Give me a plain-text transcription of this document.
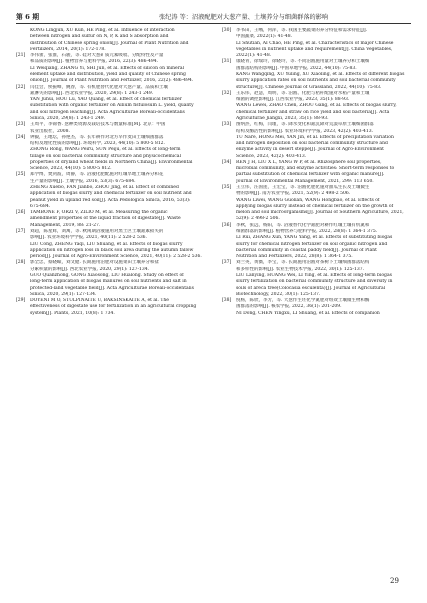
第 6 期	张纪涛 等：沼液配肥对大葱产量、土壤养分与细菌群落的影响
KONG Lingjun, XU Kun, HE Ping, et al. Influence of interaction
between nitrogen and sulfur on N, P, K and S absorption and
distribution of Chinese spring onion[J]. Journal of Plant Nutrition and
Fertilizers, 2014, 20(1): 172-178.
[21]	李伟蕾，张淮，石骏，等. 硅对大葱矿质元素吸收、分配特性及产量
和品质的影响[J]. 植物营养与肥料学报, 2016, 22(3): 486-494.
LI Weiqiang, ZHANG Yi, SHI Jun, et al. Effects of silicon on mineral
element uptake and distribution, yield and quality of Chinese spring
onion[J]. Journal of Plant Nutrition and Fertilizer, 2016, 22(2): 486-494.
[22]	闫佳会，侯振峰，姚春，等. 有机肥替代化肥对大葱产量、品质和土壤
氮淋失的影响[J]. 西北农业学报, 2020, 29(8): 1 243-1 249.
YAN Juhui, HOU Lu, YAO Quang, et al. Effect of chemical fertilizer
substitution with organic fertilizer on Allium fistulosum L. yield, quality
and soil nitrogen leaching[J]. Acta Agriculturae Boreali-occidentalis
Sinica, 2020, 29(8): 1 243-1 249.
[23]	王周平，李锦香. 葱种类资源及栽培技术与数量标准[M]. 北京：中国
农业出版社，2008.
[24]	钟毅，王地坛，孙艳杰，等. 长年耕作对北方早作麦田土壤细菌群落
结构及理化性质的影响[J]. 环境科学, 2023, 44(10): 5 800-5 812.
ZHONG Rong, WANG Peiru, SUN Peiju, et al. Effects of long-term
tillage on soil bacterial community structure and physicochemical
properties of dryland wheat fields in Northern China[J]. Environmental
Science, 2023, 44(10): 5 800-5 812.
[25]	郑学博，樊剑波，周静，等. 沼液化肥配施对红壤旱地土壤养分和花
生产量的影响[J]. 土壤学报, 2016, 53(3): 675-684.
ZHENG Xuebo, FAN Jianbo, ZHOU Jing, et al. Effect of combined
application of biogas slurry and chemical fertilizer on soil nutrient and
peanut yield in upland red soil[J]. Acta Pedologica Sinica, 2016, 53(3):
675-684.
[26]	TAMBONE F, ORZI V, ZILIO M, et al. Measuring the organic
amendment properties of the liquid fraction of digestate[J]. Waste
Management, 2019, 88: 21-27.
[27]	刘超，陈星辉，刘寓，等. 秋闲期沼液施用对黑土区土壤氮素损失的
影响[J]. 农业环境科学学报, 2021, 40(11): 2 528-2 536.
LIU Cong, ZHENG Yaqi, LIU Shuang, et al. Effects of biogas slurry
application on nitrogen loss in black soil area during the autumn fallow
period[J]. Journal of Agro-Environment Science, 2021, 40(11): 2 528-2 536.
[28]	郭全忠，蔡晓嵘，刘文健. 长期施用沼肥对设施菜田土壤养分和盐
分累积量的影响[J]. 西北农业学报, 2020, 29(1): 127-134.
GUO Quanzhong, GONG Xiaosong, LIU Hualong. Study on effect of
long-term application of biogas manures on soil nutrients and salt in
protected-land vegetable field[J]. Acta Agriculturae Boreali-occidentalis
Sinica, 2020, 29(1): 127-134.
[29]	DOYENI M O, STULPINAITE U, BAKSINSKAITE A, et al. The
effectiveness of digestate use for fertilization in an agricultural cropping
system[J]. Plants, 2021, 10(8): 1 734.
[30]	李书田，王峨，何萍，等. 我国主要蔬菜的养分特征和需求特征[J].
中国蔬菜, 2022(1): 41-48.
LI Shutian, AI Chao, HE Ping, et al. Characteristics of major Chinese
vegetables in nutrient uptake and requirement[J]. China Vegetables,
2022(1): 41-48.
[31]	康晓青，徐瑞玲，徐晓玲，等. 不同沼液施用量对土壤养分和土壤细
菌群落结构的影响[J]. 中国草地学报, 2022, 44(10): 75-83.
KANG Wangqing, XU Yuling, XU Xiaoling, et al. Effects of different biogas
slurry application rates on soil nutrients and soil bacterial community
structure[J]. Chinese Journal of Grassland, 2022, 44(10): 75-83.
[32]	王乐伟，赵慧，周明，等. 沼液、化肥与秸秆配施对水稻产量和土壤
细菌的调控影响[J]. 江西农业学报, 2023, 35(1): 88-93.
WANG Lewei, ZHAO Chen, ZHOU Gang, et al. Effects of biogas slurry,
chemical fertilizer and straw on rice yield and soil bacteria[J]. Acta
Agriculturae Jiangxi, 2023, 35(1): 88-93.
[33]	图纳热，红梅，闫瑾，等. 降水变化和氮沉降对荒漠草原土壤细菌群落
结构及酶活性的影响[J]. 农业环境科学学报, 2023, 42(2): 403-413.
TU Nare, HONG Mei, YAN Jin, et al. Effects of precipitation variation
and nitrogen deposition on soil bacterial community structure and
enzyme activity in desert steppe[J]. Journal of Agro-Environment
Science, 2023, 42(2): 403-413.
[34]	REN J H, LIU X L, YANG W P, et al. Rhizosphere soil properties,
microbial community, and enzyme activities: Short-term responses to
partial substitution of chemical fertilizer with organic manure[J].
Journal of Environmental Management, 2021, 299: 113 650.
[35]	王立伟，汪国莲，王宏宝，等. 沼液化肥化施对甜瓜生长及土壤微生
物的影响[J]. 南方农业学报, 2021, 52(9): 2 498-2 506.
WANG Liwei, WANG Guolian, WANG Hongbao, et al. Effects of
applying biogas slurry instead of chemical fertilizer on the growth of
melon and soil microorganisms[J]. Journal of Southern Agriculture, 2021,
52(9): 2 498-2 506.
[36]	李秋，张远，杨阳，等. 沼液替代化学氮肥对耕作红壤土壤有机氮和
细菌群落的影响[J]. 植物营养与肥料学报, 2022, 28(8): 1 364-1 375.
LI Rui, ZHANG Xun, YANG Yang, et al. Effects of substituting biogas
slurry for chemical nitrogen fertilizer on soil organic nitrogen and
bacterial community in coastal paddy field[J]. Journal of Plant
Nutrition and Fertilizers, 2022, 28(8): 1 364-1 375.
[37]	刘兰英，黄薇，李宝，等. 长期施用沼液对茶树下土壤细菌群落结构
和多样性的影响[J]. 农业生物技术学报, 2022, 30(1): 125-137.
LIU Lanying, HUANG Wei, LI Ying, et al. Effects of long-term biogas
slurry fertilization on bacterial community structure and diversity in
soils of areca tree(Colocasia esculenta)[J]. Journal of Agricultural
Biotechnology, 2022, 30(1): 125-137.
[38]	倪杨，陈欣，李芳，等. 大葱作生坯化学氮肥对组效土壤微生物和酶
菌群落的影响[J]. 核农学报, 2022, 36(1): 201-209.
NI Dong, CHEN Yingxu, LI Shuang, et al. Effects of companion
29
